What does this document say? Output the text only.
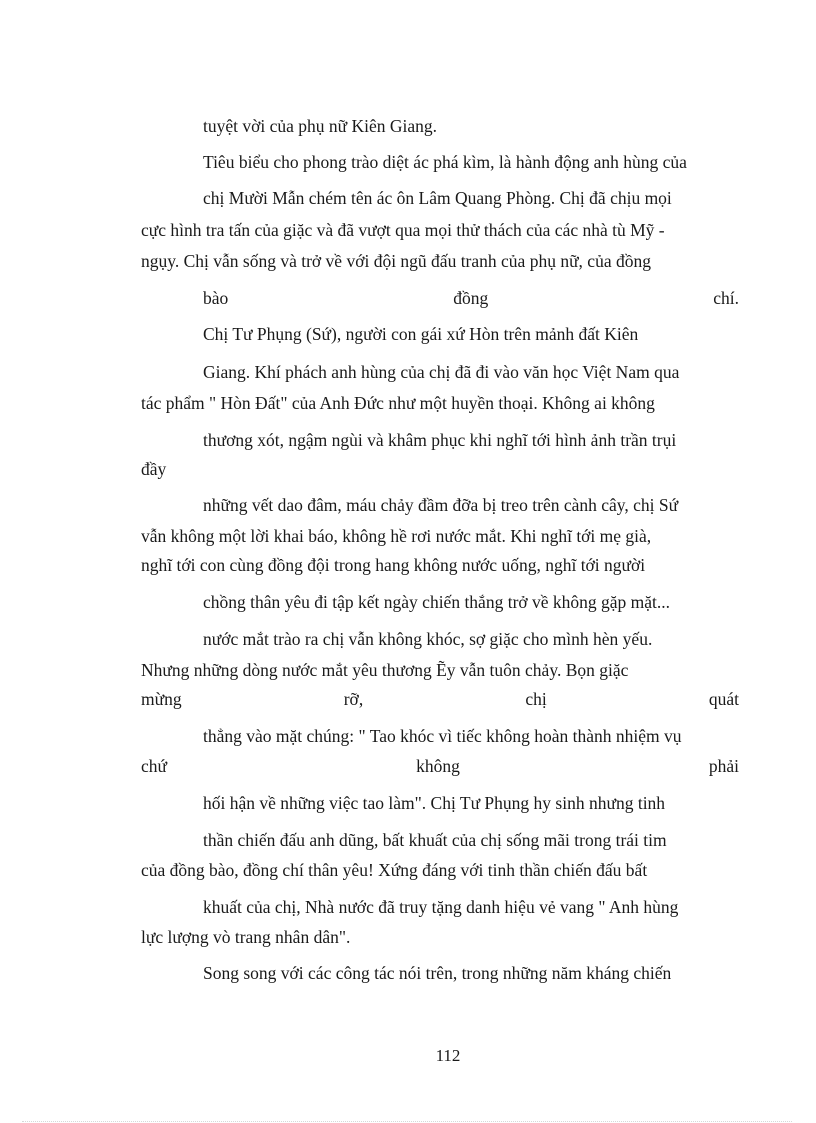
tuyệt vời của phụ nữ Kiên Giang.
Tiêu biểu cho phong trào diệt ác phá kìm, là hành động anh hùng của
chị Mười Mẫn chém tên ác ôn Lâm Quang Phòng. Chị đã chịu mọi
cực hình tra tấn của giặc và đã vượt qua mọi thử thách của các nhà tù Mỹ -
ngụy. Chị vẫn sống và trở về với đội ngũ đấu tranh của phụ nữ, của đồng
bào	đồng	chí.
Chị Tư Phụng (Sứ), người con gái xứ Hòn trên mảnh đất Kiên
Giang. Khí phách anh hùng của chị đã đi vào văn học Việt Nam qua
tác phẩm " Hòn Đất" của Anh Đức như một huyền thoại. Không ai không
thương xót, ngậm ngùi và khâm phục khi nghĩ tới hình ảnh trần trụi
đầy
những vết dao đâm, máu chảy đầm đỡa bị treo trên cành cây, chị Sứ
vẫn không một lời khai báo, không hề rơi nước mắt. Khi nghĩ tới mẹ già,
nghĩ tới con cùng đồng đội trong hang không nước uống, nghĩ tới người
chồng thân yêu đi tập kết ngày chiến thắng trở về không gặp mặt...
nước mắt trào ra chị vẫn không khóc, sợ giặc cho mình hèn yếu.
Nhưng những dòng nước mắt yêu thương Ẽy vẫn tuôn chảy. Bọn giặc
mừng	rỡ,	chị	quát
thẳng vào mặt chúng: " Tao khóc vì tiếc không hoàn thành nhiệm vụ
chứ	không	phải
hối hận về những việc tao làm". Chị Tư Phụng hy sinh nhưng tinh
thần chiến đấu anh dũng, bất khuất của chị sống mãi trong trái tim
của đồng bào, đồng chí thân yêu! Xứng đáng với tinh thần chiến đấu bất
khuất của chị, Nhà nước đã truy tặng danh hiệu vẻ vang " Anh hùng
lực lượng vò trang nhân dân".
Song song với các công tác nói trên, trong những năm kháng chiến
112
